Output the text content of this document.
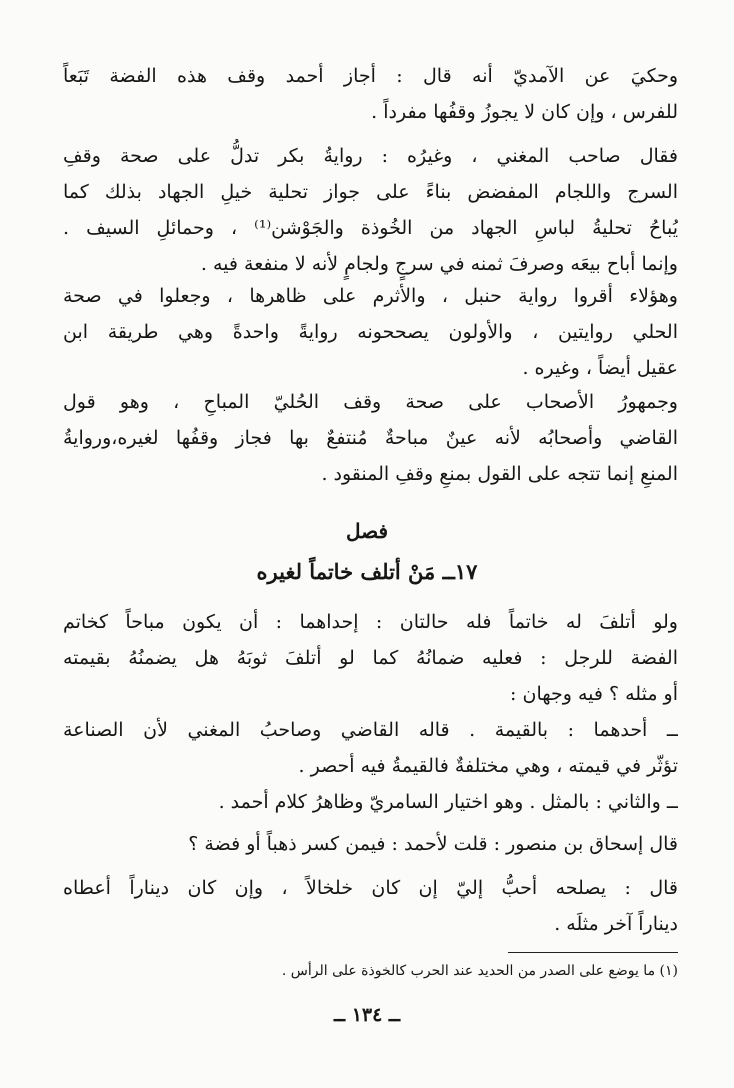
وحكيَ عن الآمديّ أنه قال : أجاز أحمد وقف هذه الفضة تَبَعاً
للفرس ، وإن كان لا يجوزُ وقفُها مفرداً .
فقال صاحب المغني ، وغيرُه : روايةُ بكر تدلُّ على صحة وقفِ
السرج واللجام المفضض بناءً على جواز تحلية خيلِ الجهاد بذلك كما
يُباحُ تحليةُ لباسِ الجهاد من الخُوذة والجَوْشن⁽¹⁾ ، وحمائلِ السيف .
وإنما أباح بيعَه وصرفَ ثمنه في سرجٍ ولجامٍ لأنه لا منفعة فيه .
وهؤلاء أقروا رواية حنبل ، والأثرم على ظاهرها ، وجعلوا في صحة
الحلي روايتين ، والأولون يصححونه روايةً واحدةً وهي طريقة ابن
عقيل أيضاً ، وغيره .
وجمهورُ الأصحاب على صحة وقف الحُليّ المباحِ ، وهو قول
القاضي وأصحابُه لأنه عينٌ مباحةٌ مُنتفعٌ بها فجاز وقفُها لغيره،وروايةُ
المنعِ إنما تتجه على القول بمنعِ وقفِ المنقود .
فصل
١٧ــ مَنْ أتلف خاتماً لغيره
ولو أتلفَ له خاتماً فله حالتان : إحداهما : أن يكون مباحاً كخاتم
الفضة للرجل : فعليه ضمانُهُ كما لو أتلفَ ثوبَهُ هل يضمنُهُ بقيمته
أو مثله ؟ فيه وجهان :
ــ أحدهما : بالقيمة . قاله القاضي وصاحبُ المغني لأن الصناعة
تؤثّر في قيمته ، وهي مختلفةٌ فالقيمةُ فيه أحصر .
ــ والثاني : بالمثل . وهو اختيار السامريّ وظاهرُ كلام أحمد .
قال إسحاق بن منصور : قلت لأحمد : فيمن كسر ذهباً أو فضة ؟
قال : يصلحه أحبُّ إليّ إن كان خلخالاً ، وإن كان ديناراً أعطاه
ديناراً آخر مثلَه .

(١) ما يوضع على الصدر من الحديد عند الحرب كالخوذة على الرأس .

ــ ١٣٤ ــ
